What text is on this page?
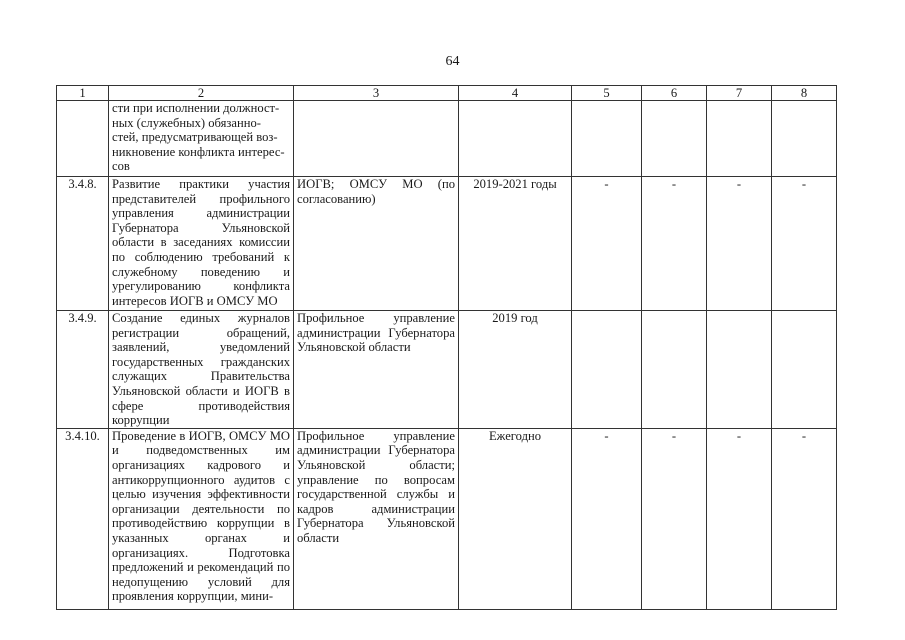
64
1	2	3	4	5	6	7	8
	сти при исполнении должност-
ных (служебных) обязанно-
стей, предусматривающей воз-
никновение конфликта интерес-
сов						
3.4.8.	Развитие практики участия представителей профильного управления администрации Губернатора Ульяновской области в заседаниях комиссии по соблюдению требований к служебному поведению и урегулированию конфликта интересов ИОГВ и ОМСУ МО	ИОГВ; ОМСУ МО (по согласованию)	2019-2021 годы	-	-	-	-
3.4.9.	Создание единых журналов регистрации обращений, заявлений, уведомлений государственных гражданских служащих Правительства Ульяновской области и ИОГВ в сфере противодействия коррупции	Профильное управление администрации Губернатора Ульяновской области	2019 год				
3.4.10.	Проведение в ИОГВ, ОМСУ МО и подведомственных им организациях кадрового и антикоррупционного аудитов с целью изучения эффективности организации деятельности по противодействию коррупции в указанных органах и организациях. Подготовка предложений и рекомендаций по недопущению условий для проявления коррупции, мини-	Профильное управление администрации Губернатора Ульяновской области; управление по вопросам государственной службы и кадров администрации Губернатора Ульяновской области	Ежегодно	-	-	-	-
